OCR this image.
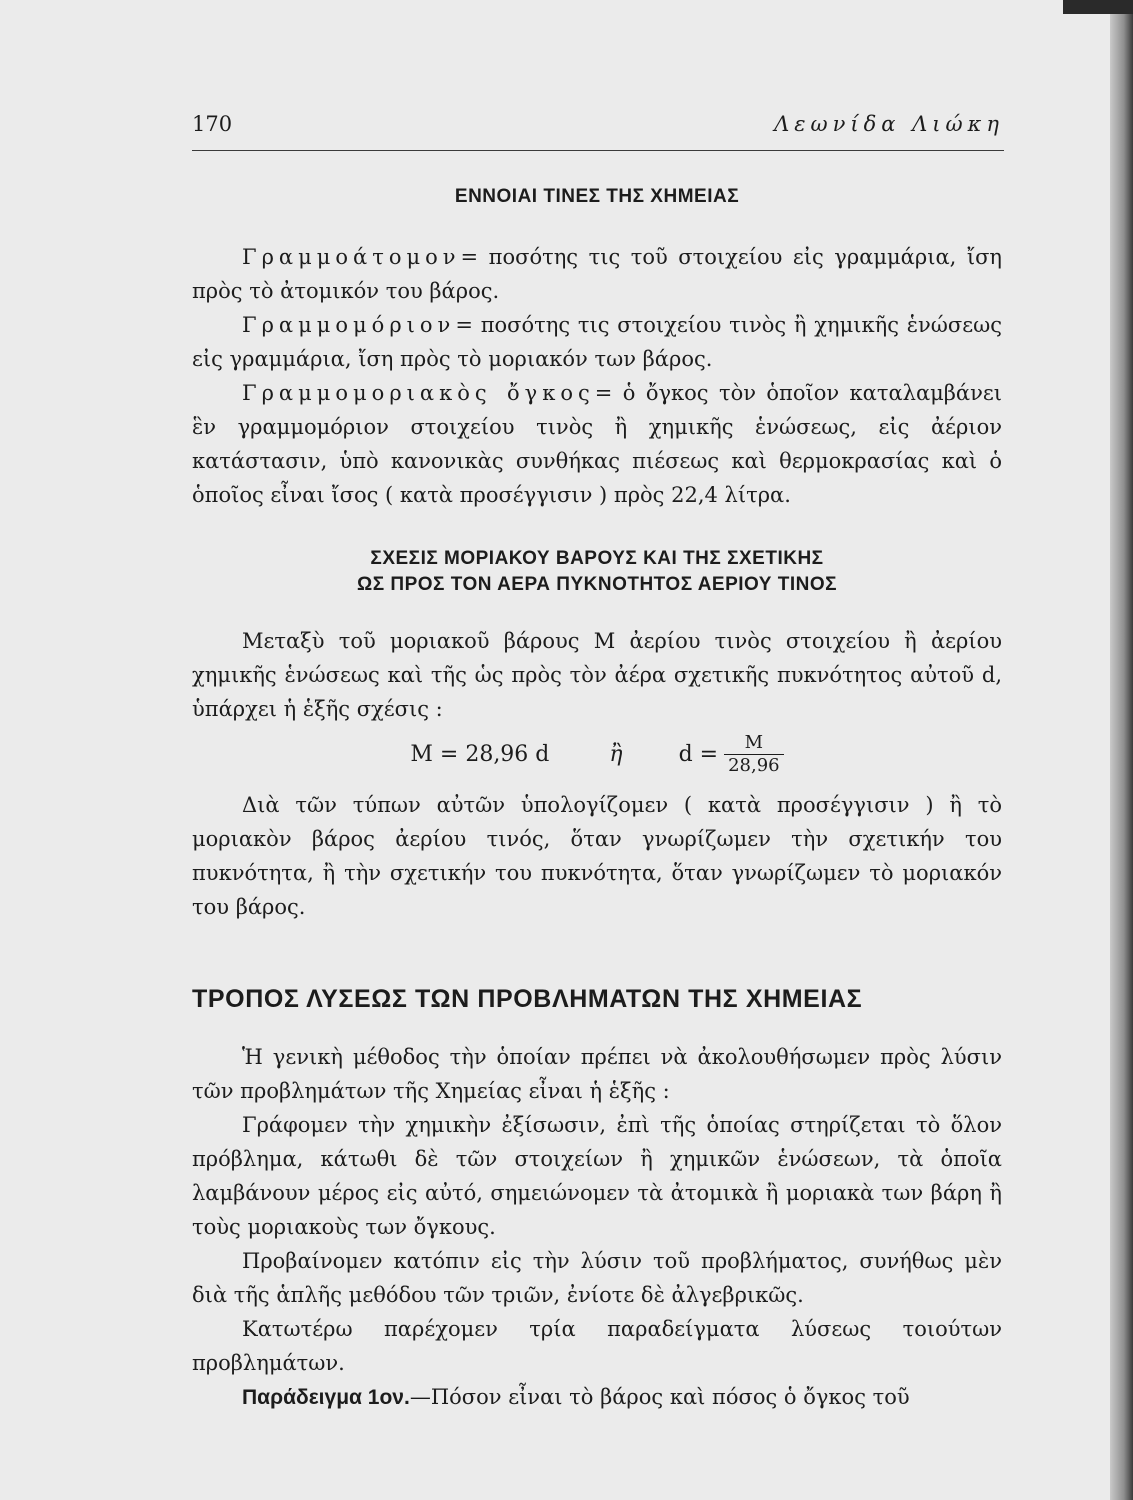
170	Λεωνίδα Λιώκη
ΕΝΝΟΙΑΙ ΤΙΝΕΣ ΤΗΣ ΧΗΜΕΙΑΣ

Γραμμοάτομον= ποσότης τις τοῦ στοιχείου εἰς γραμμάρια, ἴση πρὸς τὸ ἀτομικόν του βάρος.

Γραμμομόριον= ποσότης τις στοιχείου τινὸς ἢ χημικῆς ἑνώσεως εἰς γραμμάρια, ἴση πρὸς τὸ μοριακόν των βάρος.

Γραμμομοριακὸς ὄγκος= ὁ ὄγκος τὸν ὁποῖον καταλαμβάνει ἓν γραμμομόριον στοιχείου τινὸς ἢ χημικῆς ἑνώσεως, εἰς ἀέριον κατάστασιν, ὑπὸ κανονικὰς συνθήκας πιέσεως καὶ θερμοκρασίας καὶ ὁ ὁποῖος εἶναι ἴσος ( κατὰ προσέγγισιν ) πρὸς 22,4 λίτρα.

ΣΧΕΣΙΣ ΜΟΡΙΑΚΟΥ ΒΑΡΟΥΣ ΚΑΙ ΤΗΣ ΣΧΕΤΙΚΗΣ
ΩΣ ΠΡΟΣ ΤΟΝ ΑΕΡΑ ΠΥΚΝΟΤΗΤΟΣ ΑΕΡΙΟΥ ΤΙΝΟΣ

Μεταξὺ τοῦ μοριακοῦ βάρους Μ ἀερίου τινὸς στοιχείου ἢ ἀερίου χημικῆς ἑνώσεως καὶ τῆς ὡς πρὸς τὸν ἀέρα σχετικῆς πυκνότητος αὐτοῦ d, ὑπάρχει ἡ ἑξῆς σχέσις :

M = 28,96 d	ἢ	$d = \frac{M}{28,96}$

Διὰ τῶν τύπων αὐτῶν ὑπολογίζομεν ( κατὰ προσέγγισιν ) ἢ τὸ μοριακὸν βάρος ἀερίου τινός, ὅταν γνωρίζωμεν τὴν σχετικήν του πυκνότητα, ἢ τὴν σχετικήν του πυκνότητα, ὅταν γνωρίζωμεν τὸ μοριακόν του βάρος.

ΤΡΟΠΟΣ ΛΥΣΕΩΣ ΤΩΝ ΠΡΟΒΛΗΜΑΤΩΝ ΤΗΣ ΧΗΜΕΙΑΣ

Ἡ γενικὴ μέθοδος τὴν ὁποίαν πρέπει νὰ ἀκολουθήσωμεν πρὸς λύσιν τῶν προβλημάτων τῆς Χημείας εἶναι ἡ ἑξῆς :

Γράφομεν τὴν χημικὴν ἐξίσωσιν, ἐπὶ τῆς ὁποίας στηρίζεται τὸ ὅλον πρόβλημα, κάτωθι δὲ τῶν στοιχείων ἢ χημικῶν ἑνώσεων, τὰ ὁποῖα λαμβάνουν μέρος εἰς αὐτό, σημειώνομεν τὰ ἀτομικὰ ἢ μοριακὰ των βάρη ἢ τοὺς μοριακοὺς των ὄγκους.

Προβαίνομεν κατόπιν εἰς τὴν λύσιν τοῦ προβλήματος, συνήθως μὲν διὰ τῆς ἁπλῆς μεθόδου τῶν τριῶν, ἐνίοτε δὲ ἀλγεβρικῶς.

Κατωτέρω παρέχομεν τρία παραδείγματα λύσεως τοιούτων προβλημάτων.

Παράδειγμα 1ον.—Πόσον εἶναι τὸ βάρος καὶ πόσος ὁ ὄγκος τοῦ
